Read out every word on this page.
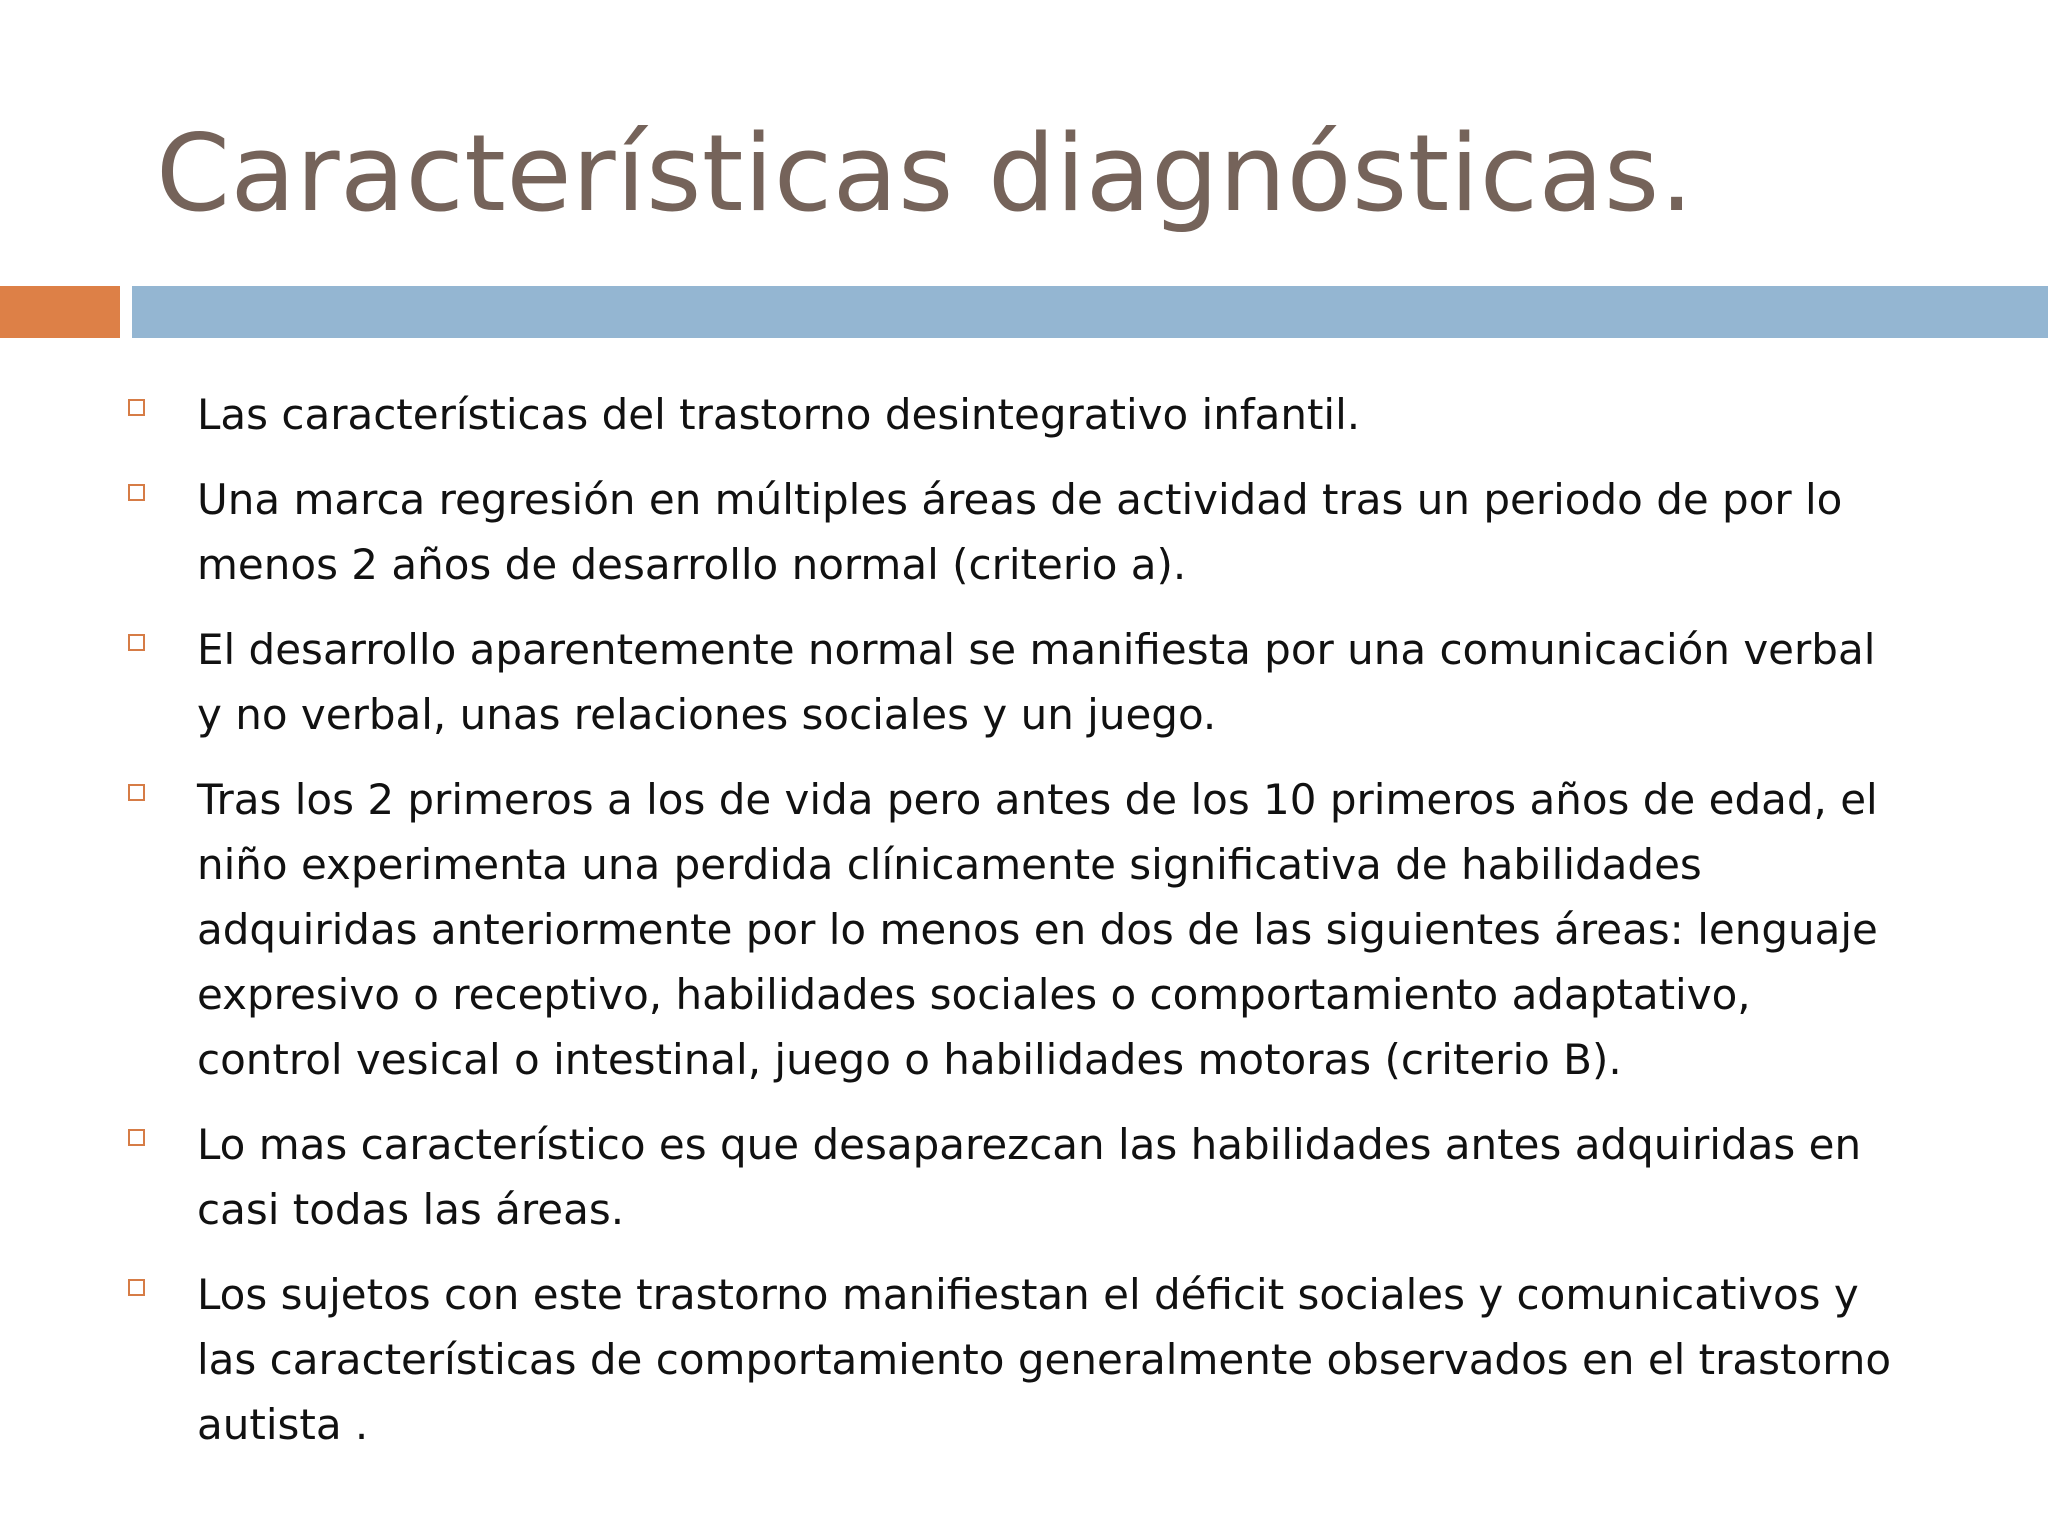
Características diagnósticas.
Las características del trastorno desintegrativo infantil.
Una marca regresión en múltiples áreas de actividad tras un periodo de por lo menos 2 años de desarrollo normal (criterio a).
El desarrollo aparentemente normal se manifiesta por una comunicación verbal y no verbal, unas relaciones sociales y un juego.
Tras los 2 primeros a los de vida pero antes de los 10 primeros años de edad, el niño experimenta una perdida clínicamente significativa de habilidades adquiridas anteriormente por lo menos en dos de las siguientes áreas: lenguaje expresivo o receptivo, habilidades sociales o comportamiento adaptativo, control vesical o intestinal, juego o habilidades motoras (criterio B).
Lo mas característico es que desaparezcan las habilidades antes adquiridas en casi todas las áreas.
Los sujetos con este trastorno manifiestan el déficit sociales y comunicativos y las características de comportamiento generalmente observados en el trastorno autista .
